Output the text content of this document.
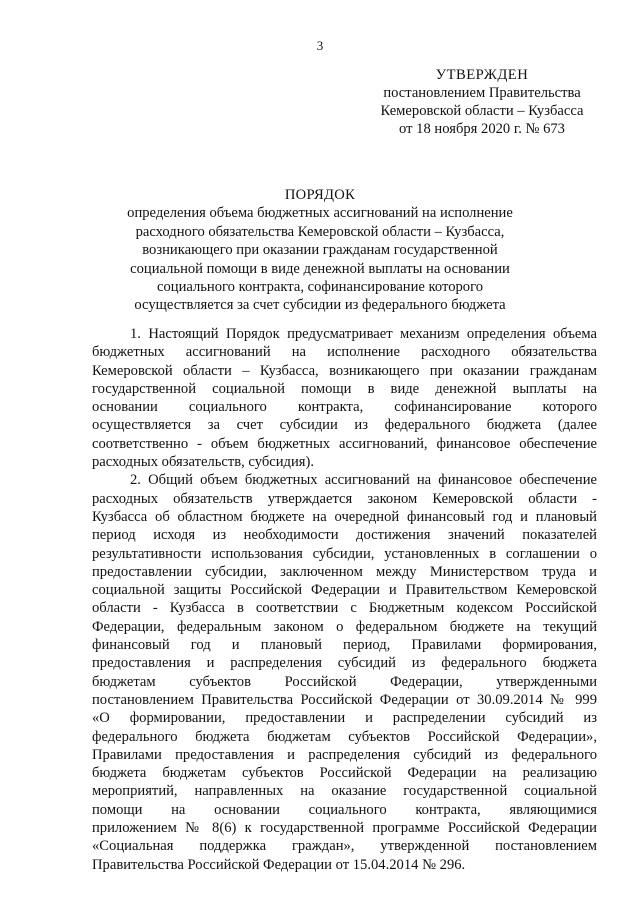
3
УТВЕРЖДЕН
постановлением Правительства
Кемеровской области – Кузбасса
от 18 ноября 2020 г. № 673
ПОРЯДОК
определения объема бюджетных ассигнований на исполнение
расходного обязательства Кемеровской области – Кузбасса,
возникающего при оказании гражданам государственной
социальной помощи в виде денежной выплаты на основании
социального контракта, софинансирование которого
осуществляется за счет субсидии из федерального бюджета
1. Настоящий Порядок предусматривает механизм определения объема
бюджетных ассигнований на исполнение расходного обязательства
Кемеровской области – Кузбасса, возникающего при оказании гражданам
государственной социальной помощи в виде денежной выплаты на
основании социального контракта, софинансирование которого
осуществляется за счет субсидии из федерального бюджета (далее
соответственно - объем бюджетных ассигнований, финансовое обеспечение
расходных обязательств, субсидия).
2. Общий объем бюджетных ассигнований на финансовое обеспечение
расходных обязательств утверждается законом Кемеровской области -
Кузбасса об областном бюджете на очередной финансовый год и плановый
период исходя из необходимости достижения значений показателей
результативности использования субсидии, установленных в соглашении о
предоставлении субсидии, заключенном между Министерством труда и
социальной защиты Российской Федерации и Правительством Кемеровской
области - Кузбасса в соответствии с Бюджетным кодексом Российской
Федерации, федеральным законом о федеральном бюджете на текущий
финансовый год и плановый период, Правилами формирования,
предоставления и распределения субсидий из федерального бюджета
бюджетам субъектов Российской Федерации, утвержденными
постановлением Правительства Российской Федерации от 30.09.2014 № 999
«О формировании, предоставлении и распределении субсидий из
федерального бюджета бюджетам субъектов Российской Федерации»,
Правилами предоставления и распределения субсидий из федерального
бюджета бюджетам субъектов Российской Федерации на реализацию
мероприятий, направленных на оказание государственной социальной
помощи на основании социального контракта, являющимися
приложением № 8(6) к государственной программе Российской Федерации
«Социальная поддержка граждан», утвержденной постановлением
Правительства Российской Федерации от 15.04.2014 № 296.
